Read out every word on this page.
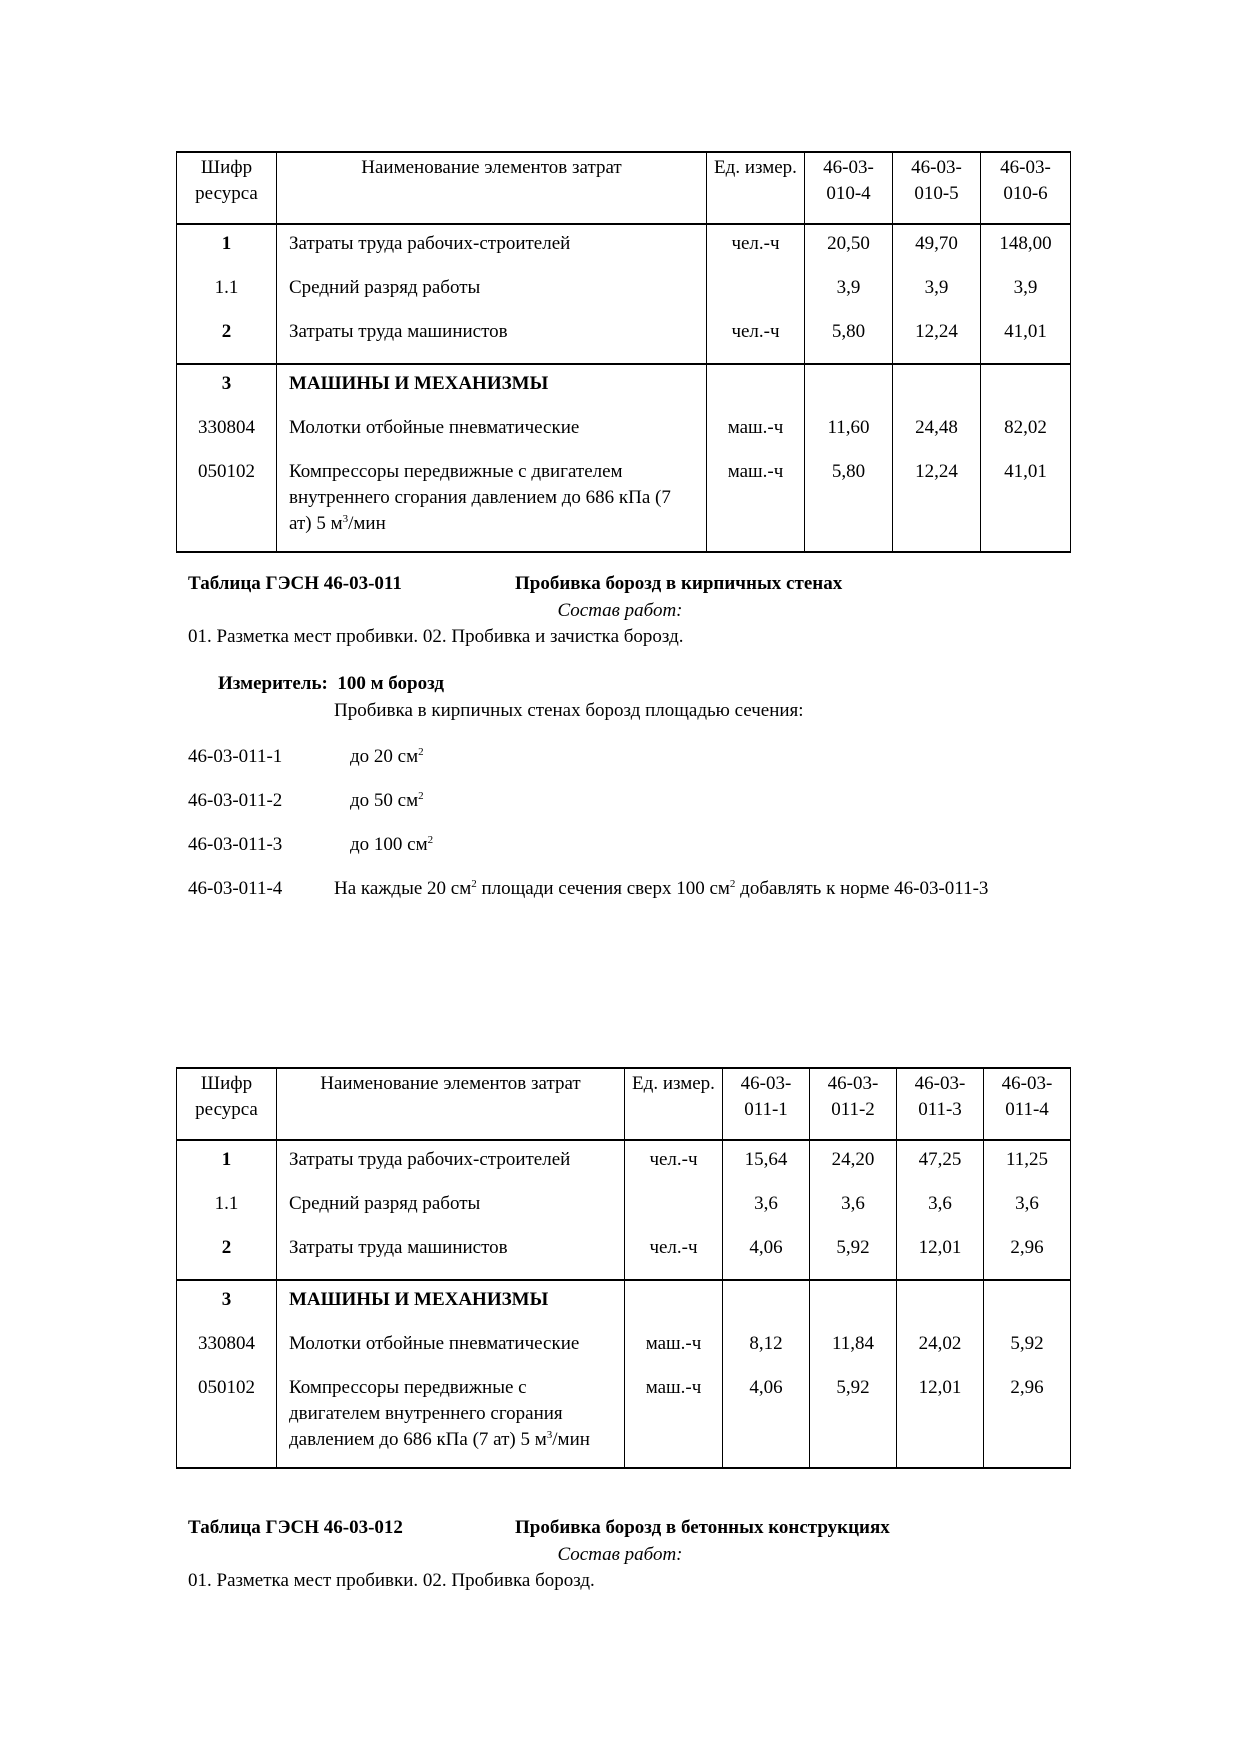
Шифр ресурса	Наименование элементов затрат	Ед. измер.	46-03-010-4	46-03-010-5	46-03-010-6
1	Затраты труда рабочих-строителей	чел.-ч	20,50	49,70	148,00
1.1	Средний разряд работы		3,9	3,9	3,9
2	Затраты труда машинистов	чел.-ч	5,80	12,24	41,01
3	МАШИНЫ И МЕХАНИЗМЫ				
330804	Молотки отбойные пневматические	маш.-ч	11,60	24,48	82,02
050102	Компрессоры передвижные с двигателем внутреннего сгорания давлением до 686 кПа (7 ат) 5 $м^3$/мин	маш.-ч	5,80	12,24	41,01
Таблица ГЭСН 46-03-011	Пробивка борозд в кирпичных стенах
Состав работ:
01. Разметка мест пробивки. 02. Пробивка и зачистка борозд.
Измеритель: 100 м борозд
Пробивка в кирпичных стенах борозд площадью сечения:
46-03-011-1	до 20 $см^2$
46-03-011-2	до 50 $см^2$
46-03-011-3	до 100 $см^2$
46-03-011-4	На каждые 20 $см^2$ площади сечения сверх 100 $см^2$ добавлять к норме 46-03-011-3
Шифр ресурса	Наименование элементов затрат	Ед. измер.	46-03-011-1	46-03-011-2	46-03-011-3	46-03-011-4
1	Затраты труда рабочих-строителей	чел.-ч	15,64	24,20	47,25	11,25
1.1	Средний разряд работы		3,6	3,6	3,6	3,6
2	Затраты труда машинистов	чел.-ч	4,06	5,92	12,01	2,96
3	МАШИНЫ И МЕХАНИЗМЫ					
330804	Молотки отбойные пневматические	маш.-ч	8,12	11,84	24,02	5,92
050102	Компрессоры передвижные с двигателем внутреннего сгорания давлением до 686 кПа (7 ат) 5 $м^3$/мин	маш.-ч	4,06	5,92	12,01	2,96
Таблица ГЭСН 46-03-012	Пробивка борозд в бетонных конструкциях
Состав работ:
01. Разметка мест пробивки. 02. Пробивка борозд.
